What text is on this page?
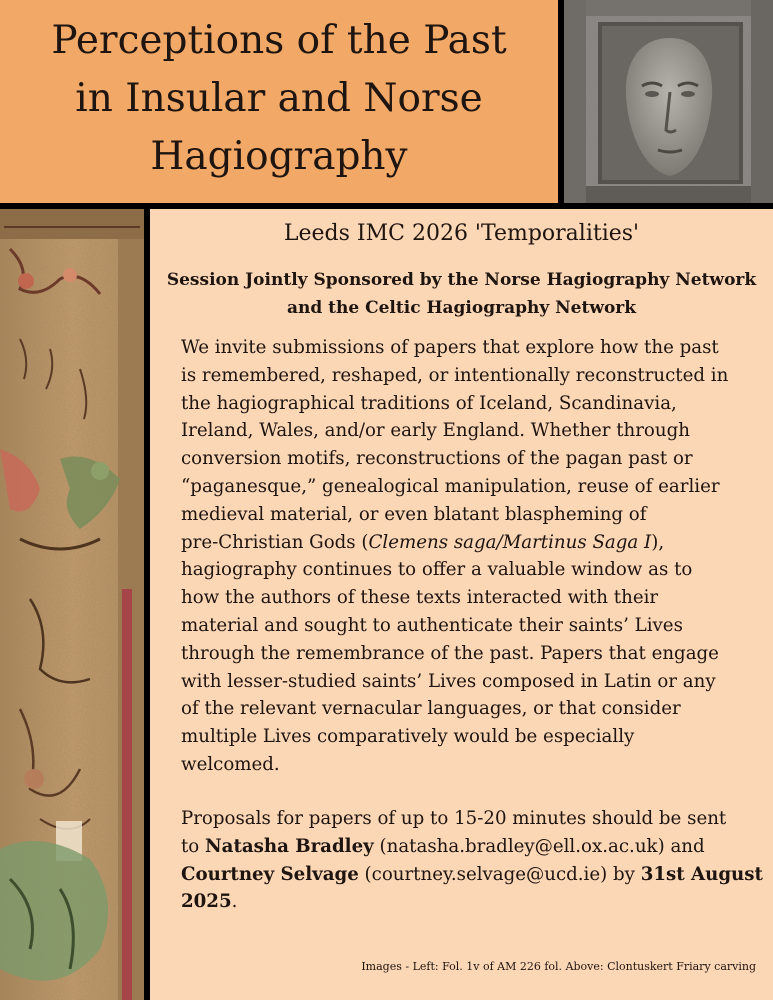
Perceptions of the Past
in Insular and Norse
Hagiography
Leeds IMC 2026 'Temporalities'
Session Jointly Sponsored by the Norse Hagiography Network
and the Celtic Hagiography Network

We invite submissions of papers that explore how the past
is remembered, reshaped, or intentionally reconstructed in
the hagiographical traditions of Iceland, Scandinavia,
Ireland, Wales, and/or early England. Whether through
conversion motifs, reconstructions of the pagan past or
“paganesque,” genealogical manipulation, reuse of earlier
medieval material, or even blatant blaspheming of
pre-Christian Gods (Clemens saga/Martinus Saga I),
hagiography continues to offer a valuable window as to
how the authors of these texts interacted with their
material and sought to authenticate their saints’ Lives
through the remembrance of the past. Papers that engage
with lesser-studied saints’ Lives composed in Latin or any
of the relevant vernacular languages, or that consider
multiple Lives comparatively would be especially
welcomed.

Proposals for papers of up to 15-20 minutes should be sent
to Natasha Bradley (natasha.bradley@ell.ox.ac.uk) and
Courtney Selvage (courtney.selvage@ucd.ie) by 31st August
2025.

Images - Left: Fol. 1v of AM 226 fol. Above: Clontuskert Friary carving
